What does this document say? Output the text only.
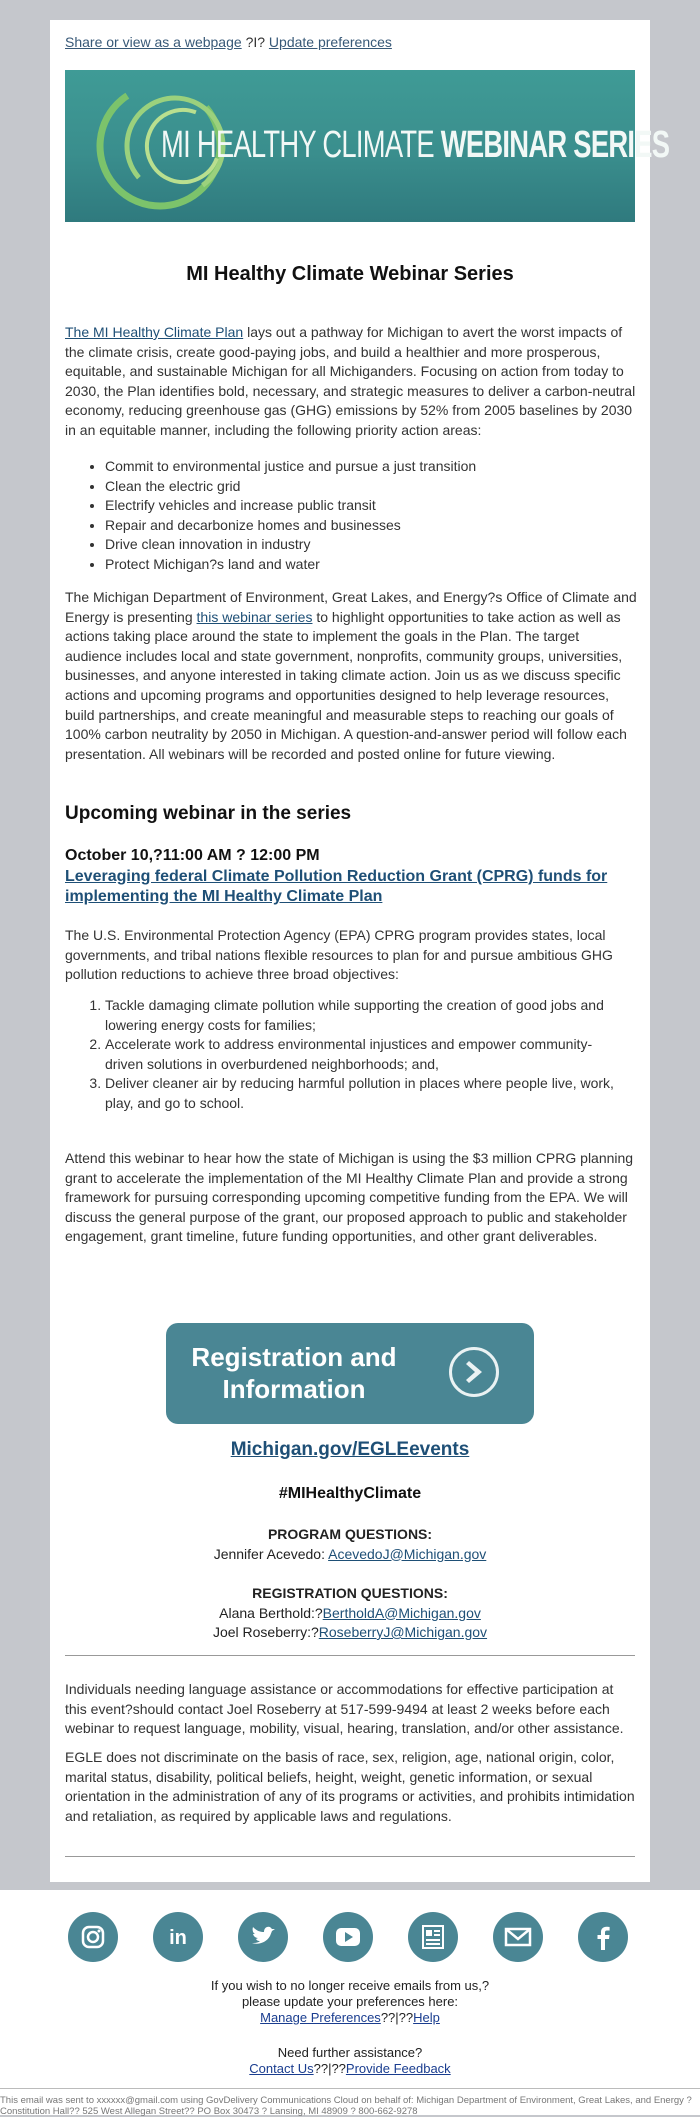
Share or view as a webpage ?I? Update preferences
MI HEALTHY CLIMATE WEBINAR SERIES
MI Healthy Climate Webinar Series

The MI Healthy Climate Plan lays out a pathway for Michigan to avert the worst impacts of the climate crisis, create good-paying jobs, and build a healthier and more prosperous, equitable, and sustainable Michigan for all Michiganders. Focusing on action from today to 2030, the Plan identifies bold, necessary, and strategic measures to deliver a carbon-neutral economy, reducing greenhouse gas (GHG) emissions by 52% from 2005 baselines by 2030 in an equitable manner, including the following priority action areas:

• Commit to environmental justice and pursue a just transition
• Clean the electric grid
• Electrify vehicles and increase public transit
• Repair and decarbonize homes and businesses
• Drive clean innovation in industry
• Protect Michigan?s land and water

The Michigan Department of Environment, Great Lakes, and Energy?s Office of Climate and Energy is presenting this webinar series to highlight opportunities to take action as well as actions taking place around the state to implement the goals in the Plan. The target audience includes local and state government, nonprofits, community groups, universities, businesses, and anyone interested in taking climate action. Join us as we discuss specific actions and upcoming programs and opportunities designed to help leverage resources, build partnerships, and create meaningful and measurable steps to reaching our goals of 100% carbon neutrality by 2050 in Michigan. A question-and-answer period will follow each presentation. All webinars will be recorded and posted online for future viewing.

Upcoming webinar in the series
October 10,?11:00 AM ? 12:00 PM
Leveraging federal Climate Pollution Reduction Grant (CPRG) funds for implementing the MI Healthy Climate Plan

The U.S. Environmental Protection Agency (EPA) CPRG program provides states, local governments, and tribal nations flexible resources to plan for and pursue ambitious GHG pollution reductions to achieve three broad objectives:

1. Tackle damaging climate pollution while supporting the creation of good jobs and lowering energy costs for families;
2. Accelerate work to address environmental injustices and empower community-driven solutions in overburdened neighborhoods; and,
3. Deliver cleaner air by reducing harmful pollution in places where people live, work, play, and go to school.

Attend this webinar to hear how the state of Michigan is using the $3 million CPRG planning grant to accelerate the implementation of the MI Healthy Climate Plan and provide a strong framework for pursuing corresponding upcoming competitive funding from the EPA. We will discuss the general purpose of the grant, our proposed approach to public and stakeholder engagement, grant timeline, future funding opportunities, and other grant deliverables.

Registration and
Information
Michigan.gov/EGLEevents
#MIHealthyClimate
PROGRAM QUESTIONS:
Jennifer Acevedo: AcevedoJ@Michigan.gov
REGISTRATION QUESTIONS:
Alana Berthold:?BertholdA@Michigan.gov
Joel Roseberry:?RoseberryJ@Michigan.gov

Individuals needing language assistance or accommodations for effective participation at this event?should contact Joel Roseberry at 517-599-9494 at least 2 weeks before each webinar to request language, mobility, visual, hearing, translation, and/or other assistance.

EGLE does not discriminate on the basis of race, sex, religion, age, national origin, color, marital status, disability, political beliefs, height, weight, genetic information, or sexual orientation in the administration of any of its programs or activities, and prohibits intimidation and retaliation, as required by applicable laws and regulations.

in
If you wish to no longer receive emails from us,?
please update your preferences here:
Manage Preferences??|??Help
Need further assistance?
Contact Us??|??Provide Feedback
This email was sent to xxxxxx@gmail.com using GovDelivery Communications Cloud on behalf of: Michigan Department of Environment, Great Lakes, and Energy ? Constitution Hall?? 525 West Allegan Street?? PO Box 30473 ? Lansing, MI 48909 ? 800-662-9278
